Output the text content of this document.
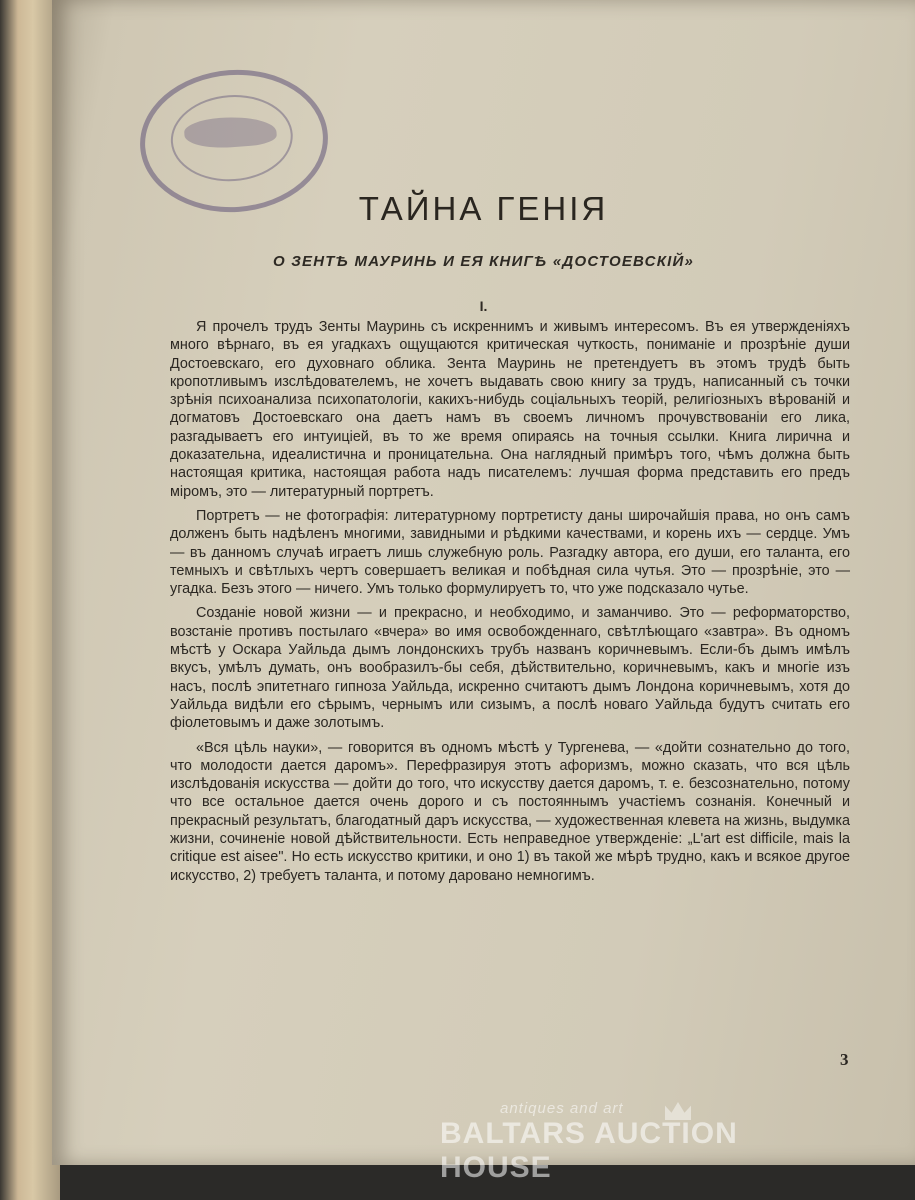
ТАЙНА ГЕНІЯ

О ЗЕНТѢ МАУРИНЬ И ЕЯ КНИГѢ «ДОСТОЕВСКІЙ»

I.

Я прочелъ трудъ Зенты Мауринь съ искреннимъ и живымъ интересомъ. Въ ея утвержденіяхъ много вѣрнаго, въ ея угадкахъ ощущаются критическая чуткость, пониманіе и прозрѣніе души Достоевскаго, его духовнаго облика. Зента Мауринь не претендуетъ въ этомъ трудѣ быть кропотливымъ изслѣдователемъ, не хочетъ выдавать свою книгу за трудъ, написанный съ точки зрѣнія психоанализа психопатологіи, какихъ-нибудь соціальныхъ теорій, религіозныхъ вѣрованій и догматовъ Достоевскаго она даетъ намъ въ своемъ личномъ прочувствованіи его лика, разгадываетъ его интуиціей, въ то же время опираясь на точныя ссылки. Книга лирична и доказательна, идеалистична и проницательна. Она наглядный примѣръ того, чѣмъ должна быть настоящая критика, настоящая работа надъ писателемъ: лучшая форма представить его предъ міромъ, это — литературный портретъ.

Портретъ — не фотографія: литературному портретисту даны широчайшія права, но онъ самъ долженъ быть надѣленъ многими, завидными и рѣдкими качествами, и корень ихъ — сердце. Умъ — въ данномъ случаѣ играетъ лишь служебную роль. Разгадку автора, его души, его таланта, его темныхъ и свѣтлыхъ чертъ совершаетъ великая и побѣдная сила чутья. Это — прозрѣніе, это — угадка. Безъ этого — ничего. Умъ только формулируетъ то, что уже подсказало чутье.

Созданіе новой жизни — и прекрасно, и необходимо, и заманчиво. Это — реформаторство, возстаніе противъ постылаго «вчера» во имя освобожденнаго, свѣтлѣющаго «завтра». Въ одномъ мѣстѣ у Оскара Уайльда дымъ лондонскихъ трубъ названъ коричневымъ. Если-бъ дымъ имѣлъ вкусъ, умѣлъ думать, онъ вообразилъ-бы себя, дѣйствительно, коричневымъ, какъ и многіе изъ насъ, послѣ эпитетнаго гипноза Уайльда, искренно считаютъ дымъ Лондона коричневымъ, хотя до Уайльда видѣли его сѣрымъ, чернымъ или сизымъ, а послѣ новаго Уайльда будутъ считать его фіолетовымъ и даже золотымъ.

«Вся цѣль науки», — говорится въ одномъ мѣстѣ у Тургенева, — «дойти сознательно до того, что молодости дается даромъ». Перефразируя этотъ афоризмъ, можно сказать, что вся цѣль изслѣдованія искусства — дойти до того, что искусству дается даромъ, т. е. безсознательно, потому что все остальное дается очень дорого и съ постояннымъ участіемъ сознанія. Конечный и прекрасный результатъ, благодатный даръ искусства, — художественная клевета на жизнь, выдумка жизни, сочиненіе новой дѣйствительности. Есть неправедное утвержденіе: „L'art est difficile, mais la critique est aisee". Но есть искусство критики, и оно 1) въ такой же мѣрѣ трудно, какъ и всякое другое искусство, 2) требуетъ таланта, и потому даровано немногимъ.

3
antiques and art
BALTARS AUCTION HOUSE
